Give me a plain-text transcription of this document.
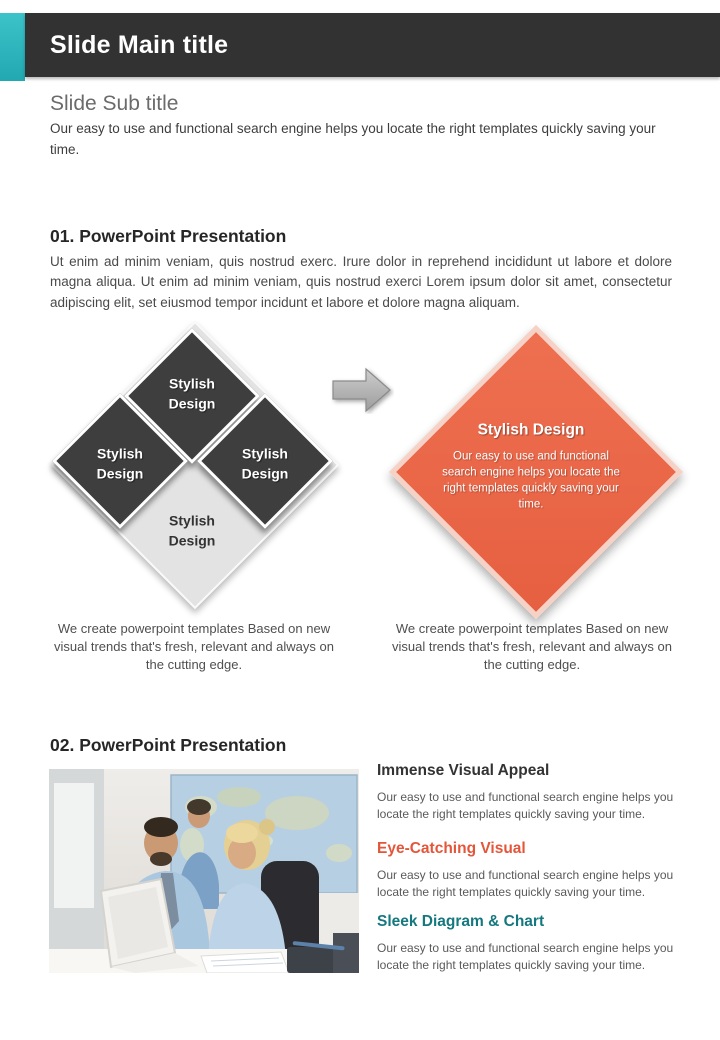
Slide Main title
Slide Sub title

Our easy to use and functional search engine helps you locate the right templates quickly saving your time.

01. PowerPoint Presentation

Ut enim ad minim veniam, quis nostrud exerc. Irure dolor in reprehend incididunt ut labore et dolore magna aliqua. Ut enim ad minim veniam, quis nostrud exerci Lorem ipsum dolor sit amet, consectetur adipiscing elit, set eiusmod tempor incidunt et labore et dolore magna aliquam.

Stylish Design
Stylish Design
Stylish Design
Stylish Design

Stylish Design

Our easy to use and functional search engine helps you locate the right templates quickly saving your time.

We create powerpoint templates Based on new visual trends that's fresh, relevant and always on the cutting edge.

We create powerpoint templates Based on new visual trends that's fresh, relevant and always on the cutting edge.

02. PowerPoint Presentation
Immense Visual Appeal

Our easy to use and functional search engine helps you locate the right templates quickly saving your time.

Eye-Catching Visual

Our easy to use and functional search engine helps you locate the right templates quickly saving your time.

Sleek Diagram & Chart

Our easy to use and functional search engine helps you locate the right templates quickly saving your time.
